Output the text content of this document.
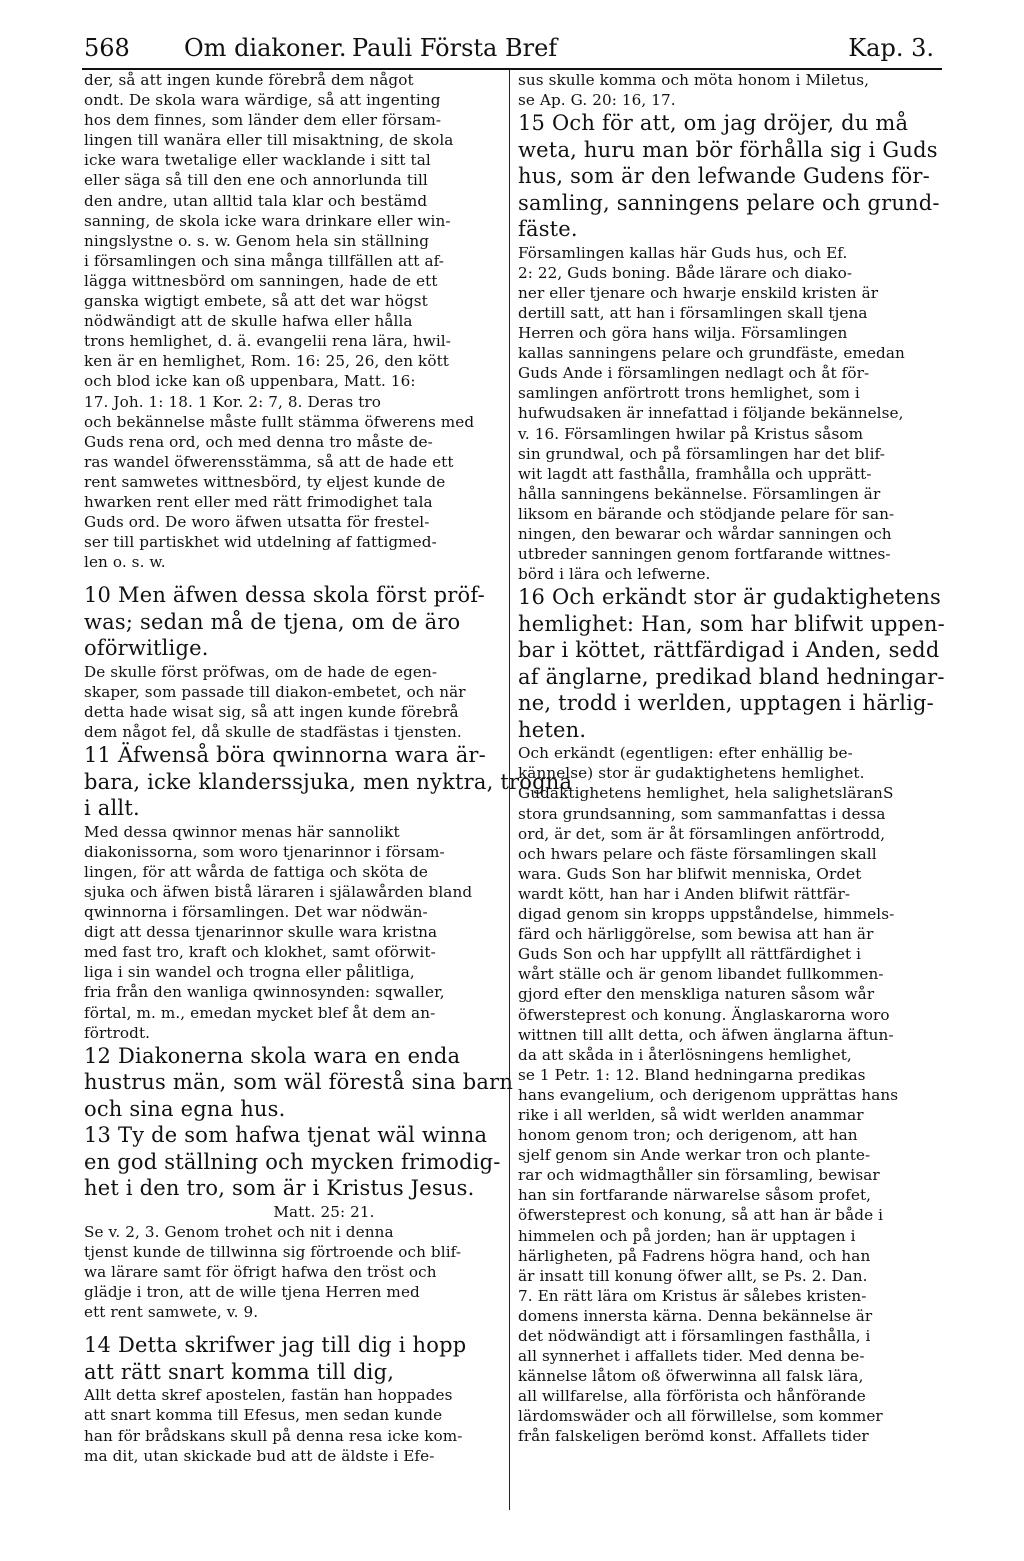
568 Om diakoner. Pauli Första Bref	Kap. 3.
der, så att ingen kunde förebrå dem något
ondt. De skola wara wärdige, så att ingenting
hos dem finnes, som länder dem eller försam-
lingen till wanära eller till misaktning, de skola
icke wara twetalige eller wacklande i sitt tal
eller säga så till den ene och annorlunda till
den andre, utan alltid tala klar och bestämd
sanning, de skola icke wara drinkare eller win-
ningslystne o. s. w. Genom hela sin ställning
i församlingen och sina många tillfällen att af-
lägga wittnesbörd om sanningen, hade de ett
ganska wigtigt embete, så att det war högst
nödwändigt att de skulle hafwa eller hålla
trons hemlighet, d. ä. evangelii rena lära, hwil-
ken är en hemlighet, Rom. 16: 25, 26, den kött
och blod icke kan oß uppenbara, Matt. 16:
17. Joh. 1: 18. 1 Kor. 2: 7, 8. Deras tro
och bekännelse måste fullt stämma öfwerens med
Guds rena ord, och med denna tro måste de-
ras wandel öfwerensstämma, så att de hade ett
rent samwetes wittnesbörd, ty eljest kunde de
hwarken rent eller med rätt frimodighet tala
Guds ord. De woro äfwen utsatta för frestel-
ser till partiskhet wid utdelning af fattigmed-
len o. s. w.
10 Men äfwen dessa skola först pröf-
was; sedan må de tjena, om de äro
oförwitlige.
De skulle först pröfwas, om de hade de egen-
skaper, som passade till diakon-embetet, och när
detta hade wisat sig, så att ingen kunde förebrå
dem något fel, då skulle de stadfästas i tjensten.
11 Äfwenså böra qwinnorna wara är-
bara, icke klanderssjuka, men nyktra, trogna
i allt.
Med dessa qwinnor menas här sannolikt
diakonissorna, som woro tjenarinnor i försam-
lingen, för att wårda de fattiga och sköta de
sjuka och äfwen bistå läraren i själawården bland
qwinnorna i församlingen. Det war nödwän-
digt att dessa tjenarinnor skulle wara kristna
med fast tro, kraft och klokhet, samt oförwit-
liga i sin wandel och trogna eller pålitliga,
fria från den wanliga qwinnosynden: sqwaller,
förtal, m. m., emedan mycket blef åt dem an-
förtrodt.
12 Diakonerna skola wara en enda
hustrus män, som wäl förestå sina barn
och sina egna hus.
13 Ty de som hafwa tjenat wäl winna
en god ställning och mycken frimodig-
het i den tro, som är i Kristus Jesus.
Matt. 25: 21.
Se v. 2, 3. Genom trohet och nit i denna
tjenst kunde de tillwinna sig förtroende och blif-
wa lärare samt för öfrigt hafwa den tröst och
glädje i tron, att de wille tjena Herren med
ett rent samwete, v. 9.
14 Detta skrifwer jag till dig i hopp
att rätt snart komma till dig,
Allt detta skref apostelen, fastän han hoppades
att snart komma till Efesus, men sedan kunde
han för brådskans skull på denna resa icke kom-
ma dit, utan skickade bud att de äldste i Efe-
sus skulle komma och möta honom i Miletus,
se Ap. G. 20: 16, 17.
15 Och för att, om jag dröjer, du må
weta, huru man bör förhålla sig i Guds
hus, som är den lefwande Gudens för-
samling, sanningens pelare och grund-
fäste.
Församlingen kallas här Guds hus, och Ef.
2: 22, Guds boning. Både lärare och diako-
ner eller tjenare och hwarje enskild kristen är
dertill satt, att han i församlingen skall tjena
Herren och göra hans wilja. Församlingen
kallas sanningens pelare och grundfäste, emedan
Guds Ande i församlingen nedlagt och åt för-
samlingen anförtrott trons hemlighet, som i
hufwudsaken är innefattad i följande bekännelse,
v. 16. Församlingen hwilar på Kristus såsom
sin grundwal, och på församlingen har det blif-
wit lagdt att fasthålla, framhålla och upprätt-
hålla sanningens bekännelse. Församlingen är
liksom en bärande och stödjande pelare för san-
ningen, den bewarar och wårdar sanningen och
utbreder sanningen genom fortfarande wittnes-
börd i lära och lefwerne.
16 Och erkändt stor är gudaktighetens
hemlighet: Han, som har blifwit uppen-
bar i köttet, rättfärdigad i Anden, sedd
af änglarne, predikad bland hedningar-
ne, trodd i werlden, upptagen i härlig-
heten.
Och erkändt (egentligen: efter enhällig be-
kännelse) stor är gudaktighetens hemlighet.
Gudaktighetens hemlighet, hela salighetsläranS
stora grundsanning, som sammanfattas i dessa
ord, är det, som är åt församlingen anförtrodd,
och hwars pelare och fäste församlingen skall
wara. Guds Son har blifwit menniska, Ordet
wardt kött, han har i Anden blifwit rättfär-
digad genom sin kropps uppståndelse, himmels-
färd och härliggörelse, som bewisa att han är
Guds Son och har uppfyllt all rättfärdighet i
wårt ställe och är genom libandet fullkommen-
gjord efter den menskliga naturen såsom wår
öfwersteprest och konung. Änglaskarorna woro
wittnen till allt detta, och äfwen änglarna äftun-
da att skåda in i återlösningens hemlighet,
se 1 Petr. 1: 12. Bland hedningarna predikas
hans evangelium, och derigenom upprättas hans
rike i all werlden, så widt werlden anammar
honom genom tron; och derigenom, att han
sjelf genom sin Ande werkar tron och plante-
rar och widmagthåller sin församling, bewisar
han sin fortfarande närwarelse såsom profet,
öfwersteprest och konung, så att han är både i
himmelen och på jorden; han är upptagen i
härligheten, på Fadrens högra hand, och han
är insatt till konung öfwer allt, se Ps. 2. Dan.
7. En rätt lära om Kristus är sålebes kristen-
domens innersta kärna. Denna bekännelse är
det nödwändigt att i församlingen fasthålla, i
all synnerhet i affallets tider. Med denna be-
kännelse låtom oß öfwerwinna all falsk lära,
all willfarelse, alla förförista och hånförande
lärdomswäder och all förwillelse, som kommer
från falskeligen berömd konst. Affallets tider
